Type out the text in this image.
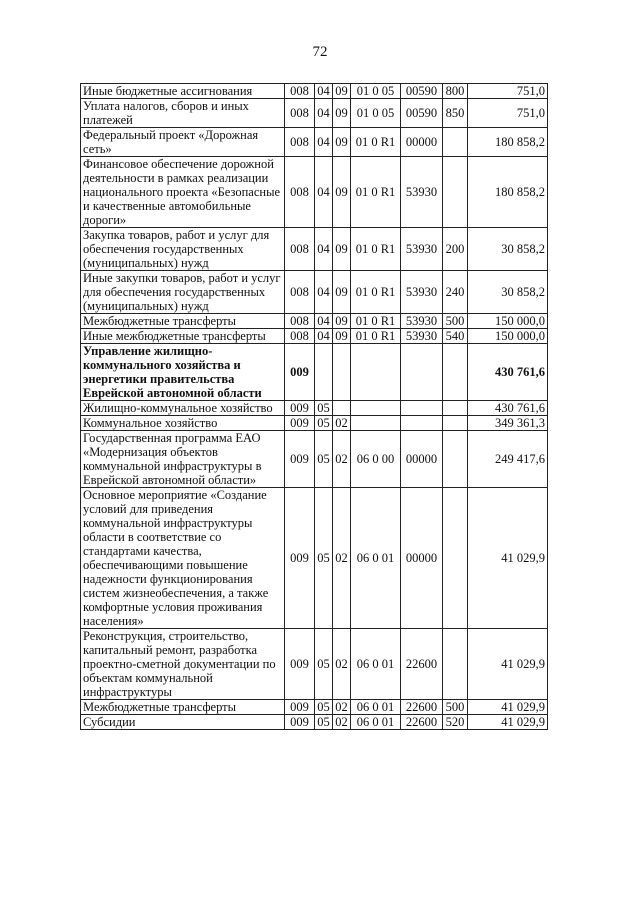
72
Иные бюджетные ассигнования	008	04	09	01 0 05	00590	800	751,0
Уплата налогов, сборов и иных платежей	008	04	09	01 0 05	00590	850	751,0
Федеральный проект «Дорожная сеть»	008	04	09	01 0 R1	00000		180 858,2
Финансовое обеспечение дорожной деятельности в рамках реализации национального проекта «Безопасные и качественные автомобильные дороги»	008	04	09	01 0 R1	53930		180 858,2
Закупка товаров, работ и услуг для обеспечения государственных (муниципальных) нужд	008	04	09	01 0 R1	53930	200	30 858,2
Иные закупки товаров, работ и услуг для обеспечения государственных (муниципальных) нужд	008	04	09	01 0 R1	53930	240	30 858,2
Межбюджетные трансферты	008	04	09	01 0 R1	53930	500	150 000,0
Иные межбюджетные трансферты	008	04	09	01 0 R1	53930	540	150 000,0
Управление жилищно-коммунального хозяйства и энергетики правительства Еврейской автономной области	009						430 761,6
Жилищно-коммунальное хозяйство	009	05					430 761,6
Коммунальное хозяйство	009	05	02				349 361,3
Государственная программа ЕАО «Модернизация объектов коммунальной инфраструктуры в Еврейской автономной области»	009	05	02	06 0 00	00000		249 417,6
Основное мероприятие «Создание условий для приведения коммунальной инфраструктуры области в соответствие со стандартами качества, обеспечивающими повышение надежности функционирования систем жизнеобеспечения, а также комфортные условия проживания населения»	009	05	02	06 0 01	00000		41 029,9
Реконструкция, строительство, капитальный ремонт, разработка проектно-сметной документации по объектам коммунальной инфраструктуры	009	05	02	06 0 01	22600		41 029,9
Межбюджетные трансферты	009	05	02	06 0 01	22600	500	41 029,9
Субсидии	009	05	02	06 0 01	22600	520	41 029,9
